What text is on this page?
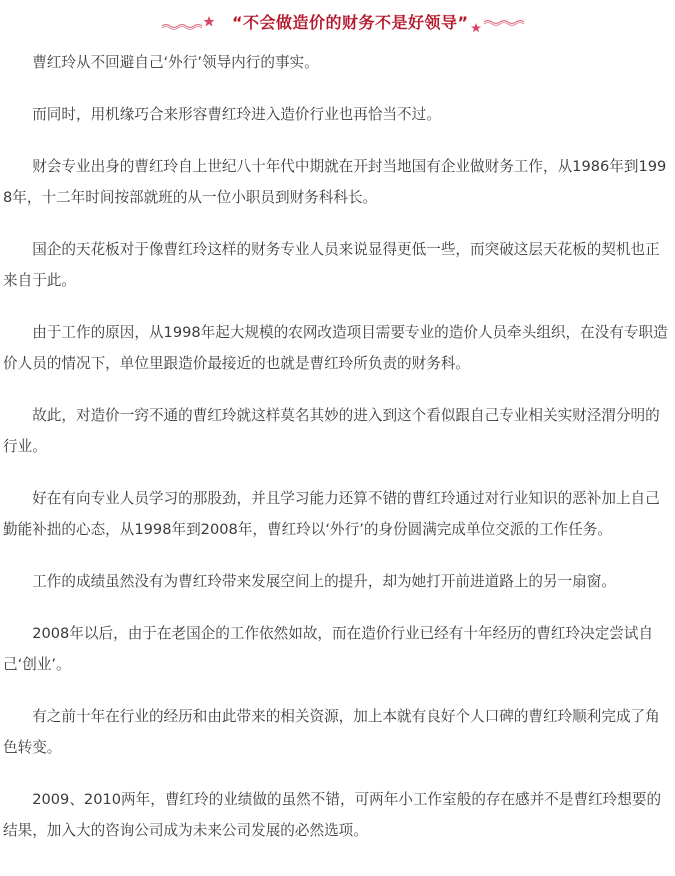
“不会做造价的财务不是好领导”

曹红玲从不回避自己‘外行’领导内行的事实。

而同时，用机缘巧合来形容曹红玲进入造价行业也再恰当不过。

财会专业出身的曹红玲自上世纪八十年代中期就在开封当地国有企业做财务工作，从1986年到1998年，十二年时间按部就班的从一位小职员到财务科科长。

国企的天花板对于像曹红玲这样的财务专业人员来说显得更低一些，而突破这层天花板的契机也正来自于此。

由于工作的原因，从1998年起大规模的农网改造项目需要专业的造价人员牵头组织，在没有专职造价人员的情况下，单位里跟造价最接近的也就是曹红玲所负责的财务科。

故此，对造价一窍不通的曹红玲就这样莫名其妙的进入到这个看似跟自己专业相关实财泾渭分明的行业。

好在有向专业人员学习的那股劲，并且学习能力还算不错的曹红玲通过对行业知识的恶补加上自己勤能补拙的心态，从1998年到2008年，曹红玲以‘外行’的身份圆满完成单位交派的工作任务。

工作的成绩虽然没有为曹红玲带来发展空间上的提升，却为她打开前进道路上的另一扇窗。

2008年以后，由于在老国企的工作依然如故，而在造价行业已经有十年经历的曹红玲决定尝试自己‘创业’。

有之前十年在行业的经历和由此带来的相关资源，加上本就有良好个人口碑的曹红玲顺利完成了角色转变。

2009、2010两年，曹红玲的业绩做的虽然不错，可两年小工作室般的存在感并不是曹红玲想要的结果，加入大的咨询公司成为未来公司发展的必然选项。
